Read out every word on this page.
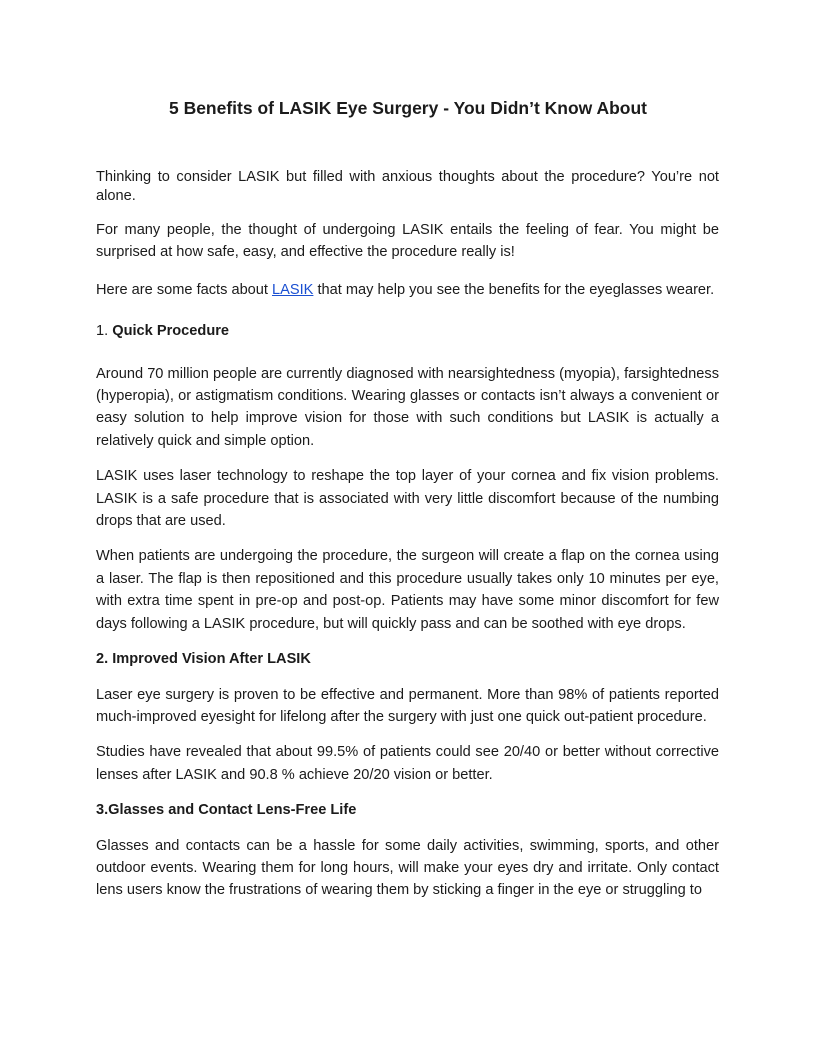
5 Benefits of LASIK Eye Surgery - You Didn’t Know About

Thinking to consider LASIK but filled with anxious thoughts about the procedure? You’re not alone.

For many people, the thought of undergoing LASIK entails the feeling of fear. You might be surprised at how safe, easy, and effective the procedure really is!

Here are some facts about LASIK that may help you see the benefits for the eyeglasses wearer.

1. Quick Procedure

Around 70 million people are currently diagnosed with nearsightedness (myopia), farsightedness (hyperopia), or astigmatism conditions. Wearing glasses or contacts isn’t always a convenient or easy solution to help improve vision for those with such conditions but LASIK is actually a relatively quick and simple option.

LASIK uses laser technology to reshape the top layer of your cornea and fix vision problems. LASIK is a safe procedure that is associated with very little discomfort because of the numbing drops that are used.

When patients are undergoing the procedure, the surgeon will create a flap on the cornea using a laser. The flap is then repositioned and this procedure usually takes only 10 minutes per eye, with extra time spent in pre-op and post-op. Patients may have some minor discomfort for few days following a LASIK procedure, but will quickly pass and can be soothed with eye drops.

2. Improved Vision After LASIK

Laser eye surgery is proven to be effective and permanent. More than 98% of patients reported much-improved eyesight for lifelong after the surgery with just one quick out-patient procedure.

Studies have revealed that about 99.5% of patients could see 20/40 or better without corrective lenses after LASIK and 90.8 % achieve 20/20 vision or better.

3.Glasses and Contact Lens-Free Life

Glasses and contacts can be a hassle for some daily activities, swimming, sports, and other outdoor events. Wearing them for long hours, will make your eyes dry and irritate. Only contact lens users know the frustrations of wearing them by sticking a finger in the eye or struggling to
